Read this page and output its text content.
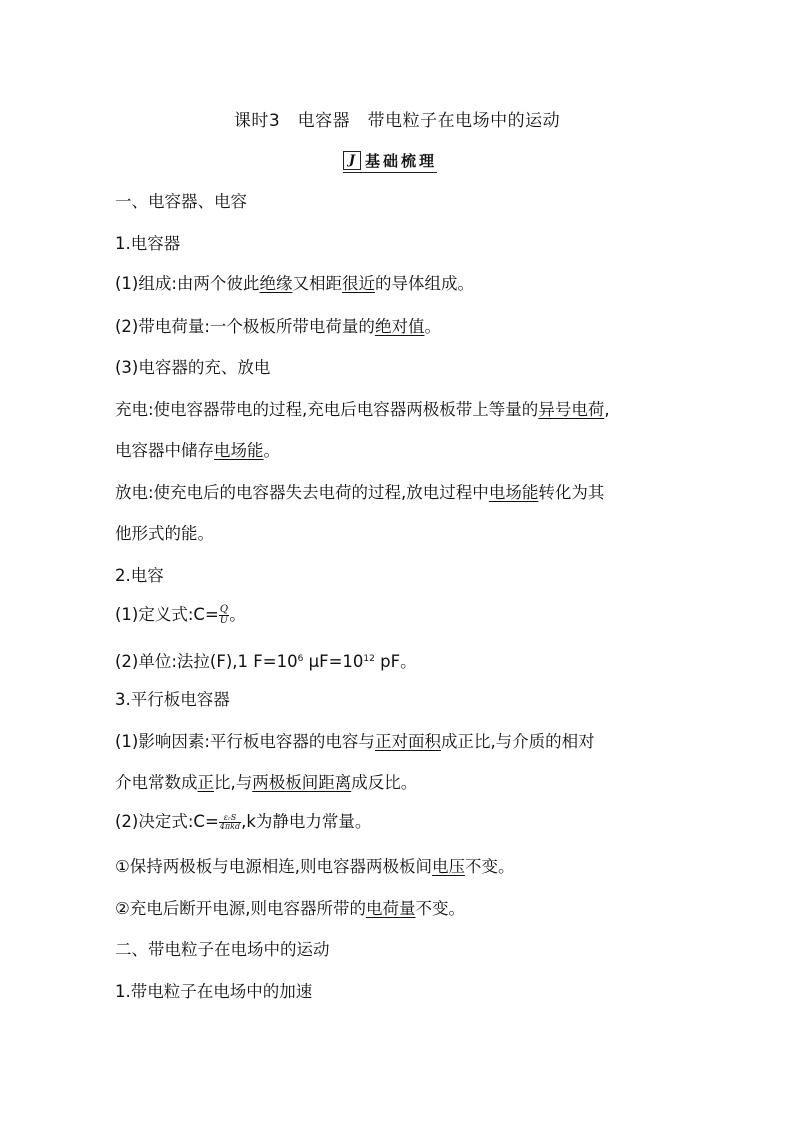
课时3　电容器　带电粒子在电场中的运动
J 基础梳理
一、电容器、电容
1.电容器
(1)组成:由两个彼此绝缘又相距很近的导体组成。
(2)带电荷量:一个极板所带电荷量的绝对值。
(3)电容器的充、放电
充电:使电容器带电的过程,充电后电容器两极板带上等量的异号电荷,
电容器中储存电场能。
放电:使充电后的电容器失去电荷的过程,放电过程中电场能转化为其
他形式的能。
2.电容
(1)定义式:C= $\frac{Q}{U}$ 。
(2)单位:法拉(F),1 $F=10^6$ $\mu F=10^{12}$ pF。
3.平行板电容器
(1)影响因素:平行板电容器的电容与正对面积成正比,与介质的相对
介电常数成正比,与两极板间距离成反比。
(2)决定式:C= $\frac{\text{εᵣS}}{\text{4πkd}} ,k$为静电力常量。
①保持两极板与电源相连,则电容器两极板间电压不变。
②充电后断开电源,则电容器所带的电荷量不变。
二、带电粒子在电场中的运动
1.带电粒子在电场中的加速
